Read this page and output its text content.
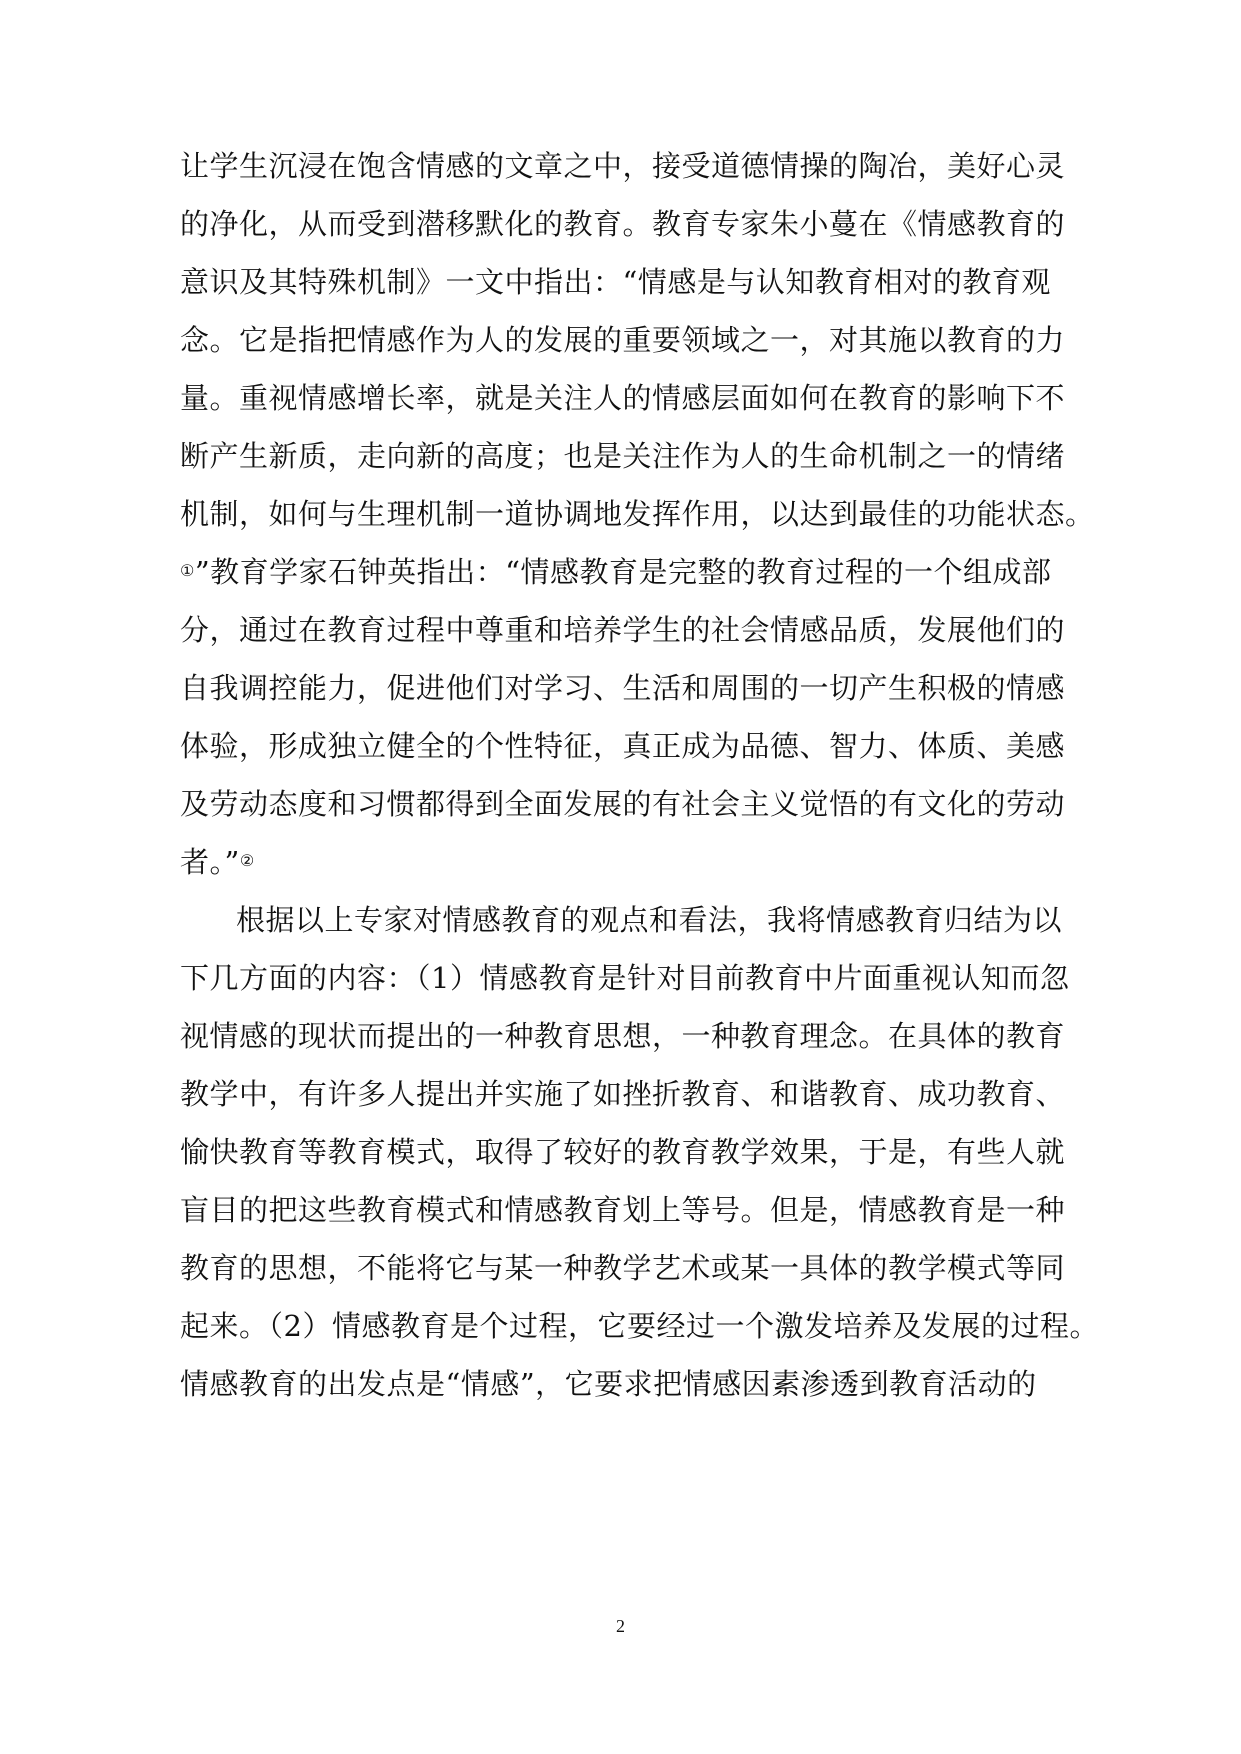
让学生沉浸在饱含情感的文章之中，接受道德情操的陶冶，美好心灵
的净化，从而受到潜移默化的教育。教育专家朱小蔓在《情感教育的
意识及其特殊机制》一文中指出：“情感是与认知教育相对的教育观
念。它是指把情感作为人的发展的重要领域之一，对其施以教育的力
量。重视情感增长率，就是关注人的情感层面如何在教育的影响下不
断产生新质，走向新的高度；也是关注作为人的生命机制之一的情绪
机制，如何与生理机制一道协调地发挥作用，以达到最佳的功能状态。
①”教育学家石钟英指出：“情感教育是完整的教育过程的一个组成部
分，通过在教育过程中尊重和培养学生的社会情感品质，发展他们的
自我调控能力，促进他们对学习、生活和周围的一切产生积极的情感
体验，形成独立健全的个性特征，真正成为品德、智力、体质、美感
及劳动态度和习惯都得到全面发展的有社会主义觉悟的有文化的劳动
者。”②
根据以上专家对情感教育的观点和看法，我将情感教育归结为以
下几方面的内容：（1）情感教育是针对目前教育中片面重视认知而忽
视情感的现状而提出的一种教育思想，一种教育理念。在具体的教育
教学中，有许多人提出并实施了如挫折教育、和谐教育、成功教育、
愉快教育等教育模式，取得了较好的教育教学效果，于是，有些人就
盲目的把这些教育模式和情感教育划上等号。但是，情感教育是一种
教育的思想，不能将它与某一种教学艺术或某一具体的教学模式等同
起来。（2）情感教育是个过程，它要经过一个激发培养及发展的过程。
情感教育的出发点是“情感”，它要求把情感因素渗透到教育活动的
2
